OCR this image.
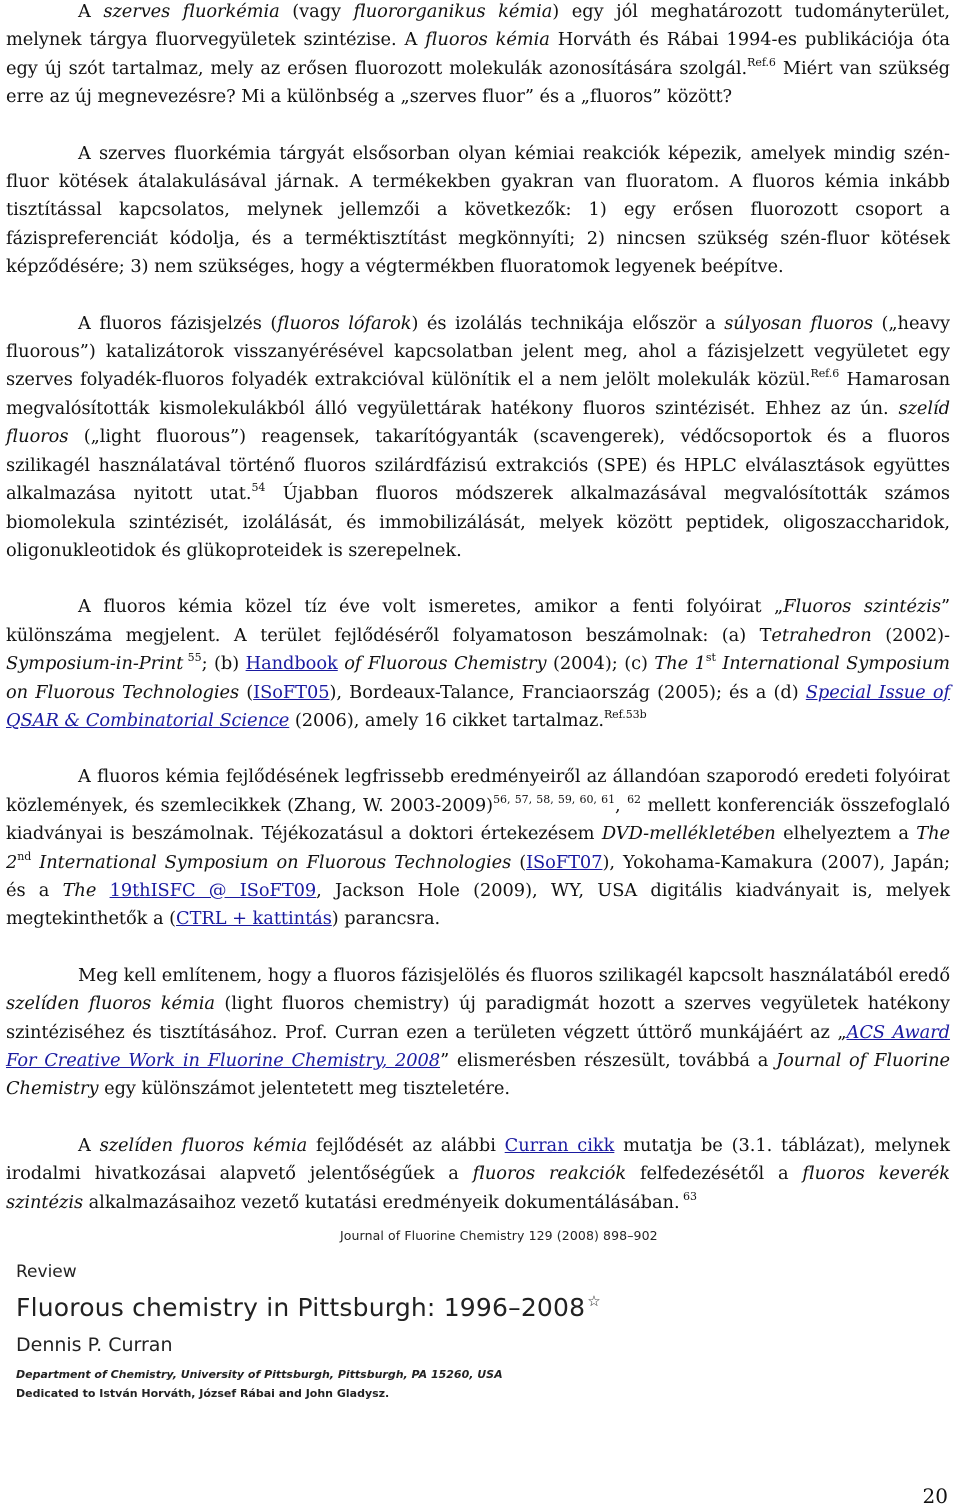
A szerves fluorkémia (vagy fluororganikus kémia) egy jól meghatározott tudományterület, melynek tárgya fluorvegyületek szintézise. A fluoros kémia Horváth és Rábai 1994-es publikációja óta egy új szót tartalmaz, mely az erősen fluorozott molekulák azonosítására szolgál.$^{Ref.6}$ Miért van szükség erre az új megnevezésre? Mi a különbség a „szerves fluor” és a „fluoros” között?

A szerves fluorkémia tárgyát elsősorban olyan kémiai reakciók képezik, amelyek mindig szén-fluor kötések átalakulásával járnak. A termékekben gyakran van fluoratom. A fluoros kémia inkább tisztítással kapcsolatos, melynek jellemzői a következők: 1) egy erősen fluorozott csoport a fázispreferenciát kódolja, és a terméktisztítást megkönnyíti; 2) nincsen szükség szén-fluor kötések képződésére; 3) nem szükséges, hogy a végtermékben fluoratomok legyenek beépítve.

A fluoros fázisjelzés (fluoros lófarok) és izolálás technikája először a súlyosan fluoros („heavy fluorous”) katalizátorok visszanyérésével kapcsolatban jelent meg, ahol a fázisjelzett vegyületet egy szerves folyadék-fluoros folyadék extrakcióval különítik el a nem jelölt molekulák közül.$^{Ref.6}$ Hamarosan megvalósították kismolekulákból álló vegyülettárak hatékony fluoros szintézisét. Ehhez az ún. szelíd fluoros („light fluorous”) reagensek, takarítógyanták (scavengerek), védőcsoportok és a fluoros szilikagél használatával történő fluoros szilárdfázisú extrakciós (SPE) és HPLC elválasztások együttes alkalmazása nyitott utat.$^{54}$ Újabban fluoros módszerek alkalmazásával megvalósították számos biomolekula szintézisét, izolálását, és immobilizálását, melyek között peptidek, oligoszaccharidok, oligonukleotidok és glükoproteidek is szerepelnek.

A fluoros kémia közel tíz éve volt ismeretes, amikor a fenti folyóirat „Fluoros szintézis” különszáma megjelent. A terület fejlődéséről folyamatoson beszámolnak: (a) Tetrahedron (2002)-Symposium-in-Print $^{55}$; (b) Handbook of Fluorous Chemistry (2004); (c) The 1st International Symposium on Fluorous Technologies (ISoFT05), Bordeaux-Talance, Franciaország (2005); és a (d) Special Issue of QSAR & Combinatorial Science (2006), amely 16 cikket tartalmaz.$^{Ref.53b}$

A fluoros kémia fejlődésének legfrissebb eredményeiről az állandóan szaporodó eredeti folyóirat közlemények, és szemlecikkek (Zhang, W. 2003-2009)$^{56, 57, 58, 59, 60, 61}$, $^{62}$ mellett konferenciák összefoglaló kiadványai is beszámolnak. Téjékozatásul a doktori értekezésem DVD-mellékletében elhelyeztem a The 2nd International Symposium on Fluorous Technologies (ISoFT07), Yokohama-Kamakura (2007), Japán; és a The 19thISFC @ ISoFT09, Jackson Hole (2009), WY, USA digitális kiadványait is, melyek megtekinthetők a (CTRL + kattintás) parancsra.

Meg kell említenem, hogy a fluoros fázisjelölés és fluoros szilikagél kapcsolt használatából eredő szelíden fluoros kémia (light fluoros chemistry) új paradigmát hozott a szerves vegyületek hatékony szintéziséhez és tisztításához. Prof. Curran ezen a területen végzett úttörő munkájáért az „ACS Award For Creative Work in Fluorine Chemistry, 2008” elismerésben részesült, továbbá a Journal of Fluorine Chemistry egy különszámot jelentetett meg tiszteletére.

A szelíden fluoros kémia fejlődését az alábbi Curran cikk mutatja be (3.1. táblázat), melynek irodalmi hivatkozásai alapvető jelentőségűek a fluoros reakciók felfedezésétől a fluoros keverék szintézis alkalmazásaihoz vezető kutatási eredményeik dokumentálásában. $^{63}$

Journal of Fluorine Chemistry 129 (2008) 898–902
Review
Fluorous chemistry in Pittsburgh: 1996–2008 ☆
Dennis P. Curran
Department of Chemistry, University of Pittsburgh, Pittsburgh, PA 15260, USA
Dedicated to István Horváth, József Rábai and John Gladysz.
20
